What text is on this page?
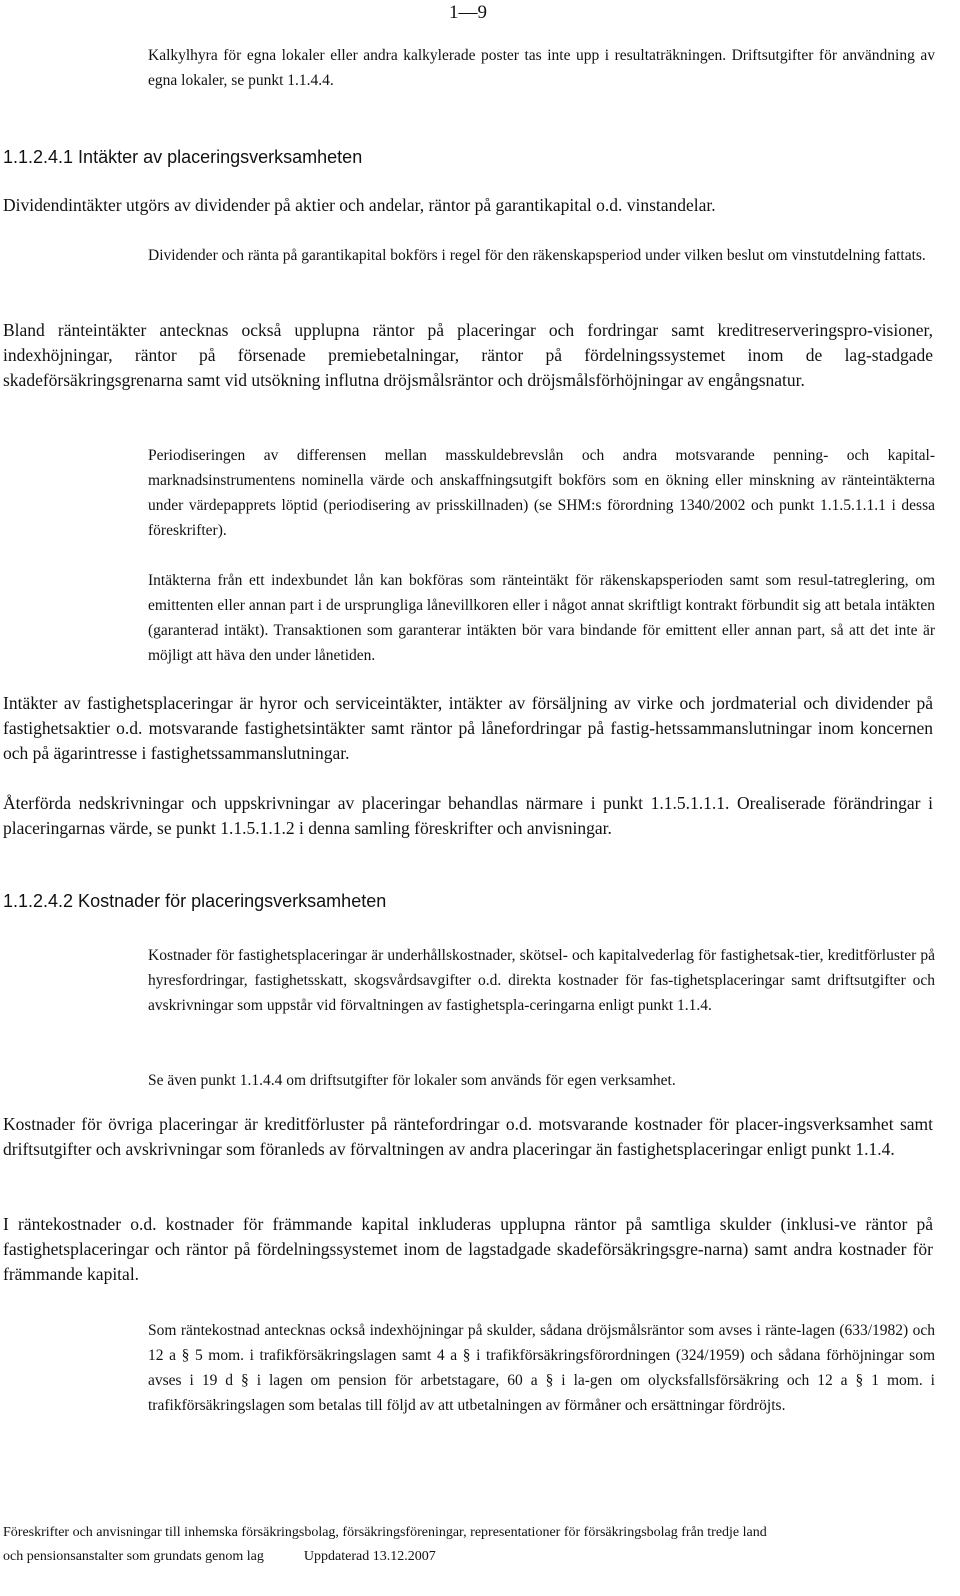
1—9

Kalkylhyra för egna lokaler eller andra kalkylerade poster tas inte upp i resultaträkningen. Driftsutgifter för användning av egna lokaler, se punkt 1.1.4.4.

1.1.2.4.1 Intäkter av placeringsverksamheten

Dividendintäkter utgörs av dividender på aktier och andelar, räntor på garantikapital o.d. vinstandelar.

Dividender och ränta på garantikapital bokförs i regel för den räkenskapsperiod under vilken beslut om vinstutdelning fattats.

Bland ränteintäkter antecknas också upplupna räntor på placeringar och fordringar samt kreditreserveringspro-visioner, indexhöjningar, räntor på försenade premiebetalningar, räntor på fördelningssystemet inom de lag-stadgade skadeförsäkringsgrenarna samt vid utsökning influtna dröjsmålsräntor och dröjsmålsförhöjningar av engångsnatur.

Periodiseringen av differensen mellan masskuldebrevslån och andra motsvarande penning- och kapital-marknadsinstrumentens nominella värde och anskaffningsutgift bokförs som en ökning eller minskning av ränteintäkterna under värdepapprets löptid (periodisering av prisskillnaden) (se SHM:s förordning 1340/2002 och punkt 1.1.5.1.1.1 i dessa föreskrifter).

Intäkterna från ett indexbundet lån kan bokföras som ränteintäkt för räkenskapsperioden samt som resul-tatreglering, om emittenten eller annan part i de ursprungliga lånevillkoren eller i något annat skriftligt kontrakt förbundit sig att betala intäkten (garanterad intäkt). Transaktionen som garanterar intäkten bör vara bindande för emittent eller annan part, så att det inte är möjligt att häva den under lånetiden.

Intäkter av fastighetsplaceringar är hyror och serviceintäkter, intäkter av försäljning av virke och jordmaterial och dividender på fastighetsaktier o.d. motsvarande fastighetsintäkter samt räntor på lånefordringar på fastig-hetssammanslutningar inom koncernen och på ägarintresse i fastighetssammanslutningar.

Återförda nedskrivningar och uppskrivningar av placeringar behandlas närmare i punkt 1.1.5.1.1.1. Orealiserade förändringar i placeringarnas värde, se punkt 1.1.5.1.1.2 i denna samling föreskrifter och anvisningar.

1.1.2.4.2 Kostnader för placeringsverksamheten

Kostnader för fastighetsplaceringar är underhållskostnader, skötsel- och kapitalvederlag för fastighetsak-tier, kreditförluster på hyresfordringar, fastighetsskatt, skogsvårdsavgifter o.d. direkta kostnader för fas-tighetsplaceringar samt driftsutgifter och avskrivningar som uppstår vid förvaltningen av fastighetspla-ceringarna enligt punkt 1.1.4.

Se även punkt 1.1.4.4 om driftsutgifter för lokaler som används för egen verksamhet.

Kostnader för övriga placeringar är kreditförluster på räntefordringar o.d. motsvarande kostnader för placer-ingsverksamhet samt driftsutgifter och avskrivningar som föranleds av förvaltningen av andra placeringar än fastighetsplaceringar enligt punkt 1.1.4.

I räntekostnader o.d. kostnader för främmande kapital inkluderas upplupna räntor på samtliga skulder (inklusi-ve räntor på fastighetsplaceringar och räntor på fördelningssystemet inom de lagstadgade skadeförsäkringsgre-narna) samt andra kostnader för främmande kapital.

Som räntekostnad antecknas också indexhöjningar på skulder, sådana dröjsmålsräntor som avses i ränte-lagen (633/1982) och 12 a § 5 mom. i trafikförsäkringslagen samt 4 a § i trafikförsäkringsförordningen (324/1959) och sådana förhöjningar som avses i 19 d § i lagen om pension för arbetstagare, 60 a § i la-gen om olycksfallsförsäkring och 12 a § 1 mom. i trafikförsäkringslagen som betalas till följd av att utbetalningen av förmåner och ersättningar fördröjts.

Föreskrifter och anvisningar till inhemska försäkringsbolag, försäkringsföreningar, representationer för försäkringsbolag från tredje land
och pensionsanstalter som grundats genom lag	Uppdaterad 13.12.2007
